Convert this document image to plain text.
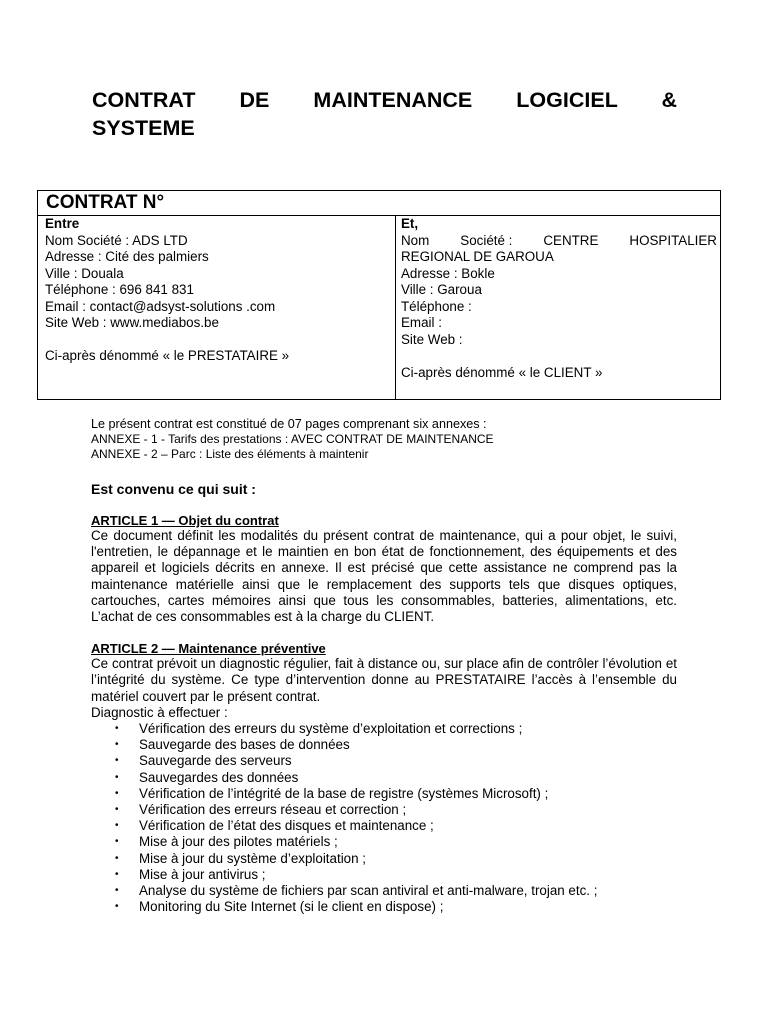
CONTRAT DE MAINTENANCE LOGICIEL &
SYSTEME
CONTRAT N°
Entre
Nom Société : ADS LTD
Adresse : Cité des palmiers
Ville : Douala
Téléphone : 696 841 831
Email : contact@adsyst-solutions .com
Site Web : www.mediabos.be
Ci-après dénommé « le PRESTATAIRE »
Et,
Nom Société : CENTRE HOSPITALIER
REGIONAL DE GAROUA
Adresse : Bokle
Ville : Garoua
Téléphone :
Email :
Site Web :
Ci-après dénommé « le CLIENT »
Le présent contrat est constitué de 07 pages comprenant six annexes :
ANNEXE - 1 - Tarifs des prestations : AVEC CONTRAT DE MAINTENANCE
ANNEXE - 2 – Parc : Liste des éléments à maintenir
Est convenu ce qui suit :
ARTICLE 1 — Objet du contrat

Ce document définit les modalités du présent contrat de maintenance, qui a pour objet, le suivi, l'entretien, le dépannage et le maintien en bon état de fonctionnement, des équipements et des appareil et logiciels décrits en annexe. Il est précisé que cette assistance ne comprend pas la maintenance matérielle ainsi que le remplacement des supports tels que disques optiques, cartouches, cartes mémoires ainsi que tous les consommables, batteries, alimentations, etc. L’achat de ces consommables est à la charge du CLIENT.

ARTICLE 2 — Maintenance préventive

Ce contrat prévoit un diagnostic régulier, fait à distance ou, sur place afin de contrôler l’évolution et l’intégrité du système. Ce type d’intervention donne au PRESTATAIRE l’accès à l’ensemble du matériel couvert par le présent contrat.

Diagnostic à effectuer :
• Vérification des erreurs du système d’exploitation et corrections ;
• Sauvegarde des bases de données
• Sauvegarde des serveurs
• Sauvegardes des données
• Vérification de l’intégrité de la base de registre (systèmes Microsoft) ;
• Vérification des erreurs réseau et correction ;
• Vérification de l’état des disques et maintenance ;
• Mise à jour des pilotes matériels ;
• Mise à jour du système d’exploitation ;
• Mise à jour antivirus ;
• Analyse du système de fichiers par scan antiviral et anti-malware, trojan etc. ;
• Monitoring du Site Internet (si le client en dispose) ;
